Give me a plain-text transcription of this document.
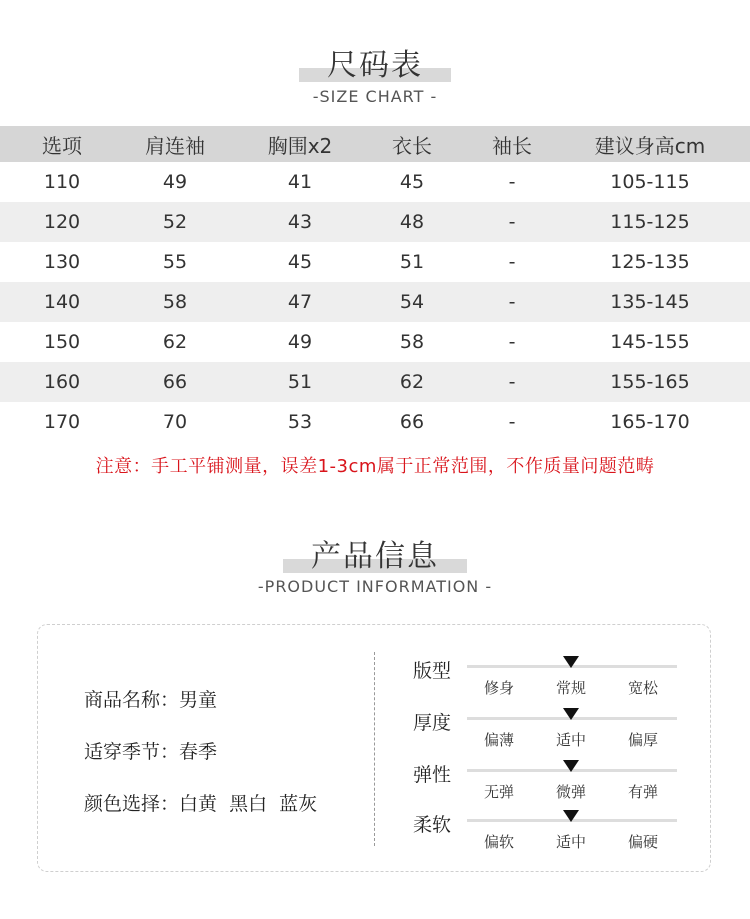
尺码表
-SIZE CHART -
选项	肩连袖	胸围x2	衣长	袖长	建议身高cm
110	49	41	45	-	105-115
120	52	43	48	-	115-125
130	55	45	51	-	125-135
140	58	47	54	-	135-145
150	62	49	58	-	145-155
160	66	51	62	-	155-165
170	70	53	66	-	165-170
注意：手工平铺测量，误差1-3cm属于正常范围，不作质量问题范畴
产品信息
-PRODUCT INFORMATION -
商品名称：男童
适穿季节：春季
颜色选择：白黄  黑白  蓝灰
版型
修身	常规	宽松
厚度
偏薄	适中	偏厚
弹性
无弹	微弹	有弹
柔软
偏软	适中	偏硬
